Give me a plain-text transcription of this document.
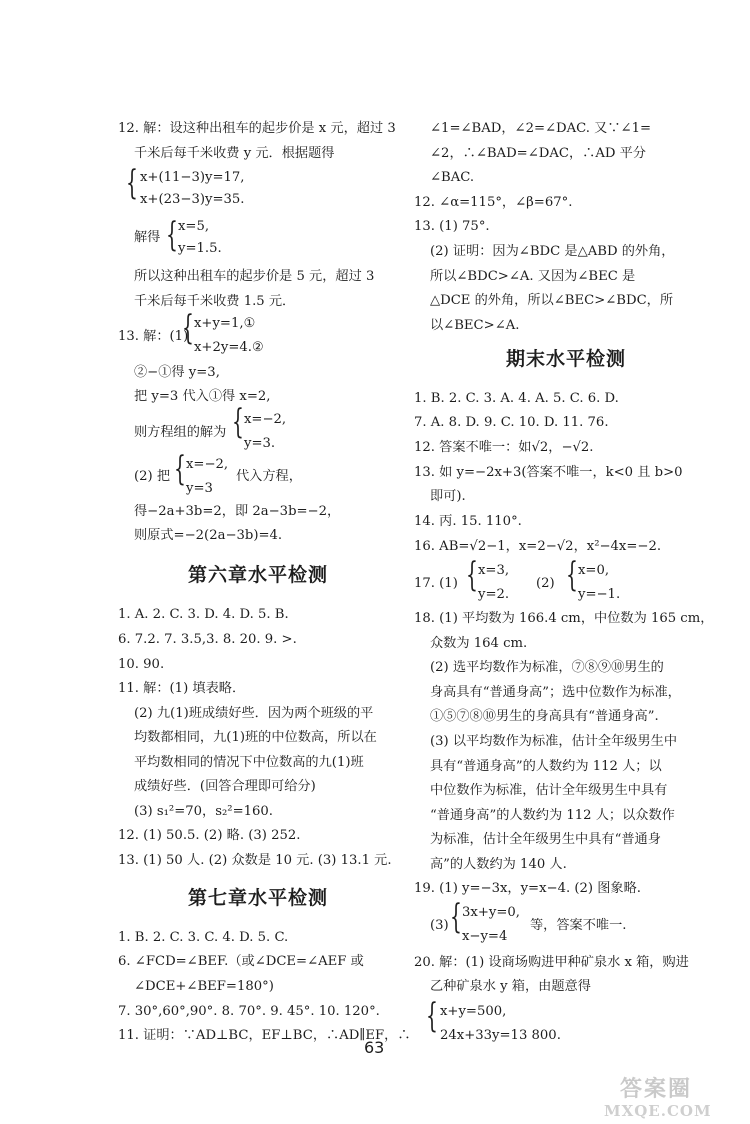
12. 解：设这种出租车的起步价是 x 元，超过 3
千米后每千米收费 y 元．根据题得
{ x+(11−3)y=17,
x+(23−3)y=35.
解得 { x=5,
y=1.5.
所以这种出租车的起步价是 5 元，超过 3
千米后每千米收费 1.5 元．
13. 解：(1)
{ x+y=1,①
x+2y=4.②
②−①得 y=3,
把 y=3 代入①得 x=2,
则方程组的解为 { x=−2,
y=3.
(2) 把 { x=−2,
y=3
代入方程，
得−2a+3b=2，即 2a−3b=−2，
则原式=−2(2a−3b)=4.
第六章水平检测
1. A. 2. C. 3. D. 4. D. 5. B.
6. 7.2. 7. 3.5,3. 8. 20. 9. >.
10. 90.
11. 解：(1) 填表略．
(2) 九(1)班成绩好些．因为两个班级的平
均数都相同，九(1)班的中位数高，所以在
平均数相同的情况下中位数高的九(1)班
成绩好些．(回答合理即可给分)
(3) s₁²=70，s₂²=160.
12. (1) 50.5. (2) 略. (3) 252.
13. (1) 50 人. (2) 众数是 10 元. (3) 13.1 元.
第七章水平检测
1. B. 2. C. 3. C. 4. D. 5. C.
6. ∠FCD=∠BEF.（或∠DCE=∠AEF 或
∠DCE+∠BEF=180°)
7. 30°,60°,90°. 8. 70°. 9. 45°. 10. 120°.
11. 证明：∵AD⊥BC，EF⊥BC，∴AD∥EF，∴
∠1=∠BAD，∠2=∠DAC. 又∵∠1=
∠2，∴∠BAD=∠DAC，∴AD 平分
∠BAC.
12. ∠α=115°，∠β=67°.
13. (1) 75°.
(2) 证明：因为∠BDC 是△ABD 的外角，
所以∠BDC>∠A. 又因为∠BEC 是
△DCE 的外角，所以∠BEC>∠BDC，所
以∠BEC>∠A.
期末水平检测
1. B. 2. C. 3. A. 4. A. 5. C. 6. D.
7. A. 8. D. 9. C. 10. D. 11. 76.
12. 答案不唯一：如√2，−√2.
13. 如 y=−2x+3(答案不唯一，k<0 且 b>0
即可).
14. 丙. 15. 110°.
16. AB=√2−1，x=2−√2，x²−4x=−2.
17. (1) { x=3,
y=2.
(2) { x=0,
y=−1.
18. (1) 平均数为 166.4 cm，中位数为 165 cm，
众数为 164 cm.
(2) 选平均数作为标准，⑦⑧⑨⑩男生的
身高具有“普通身高”；选中位数作为标准，
①⑤⑦⑧⑩男生的身高具有“普通身高”.
(3) 以平均数作为标准，估计全年级男生中
具有“普通身高”的人数约为 112 人；以
中位数作为标准，估计全年级男生中具有
“普通身高”的人数约为 112 人；以众数作
为标准，估计全年级男生中具有“普通身
高”的人数约为 140 人.
19. (1) y=−3x，y=x−4. (2) 图象略.
(3) { 3x+y=0,
x−y=4
等，答案不唯一.
20. 解：(1) 设商场购进甲种矿泉水 x 箱，购进
乙种矿泉水 y 箱，由题意得
{ x+y=500,
24x+33y=13 800.
63
答案圈
MXQE.COM
